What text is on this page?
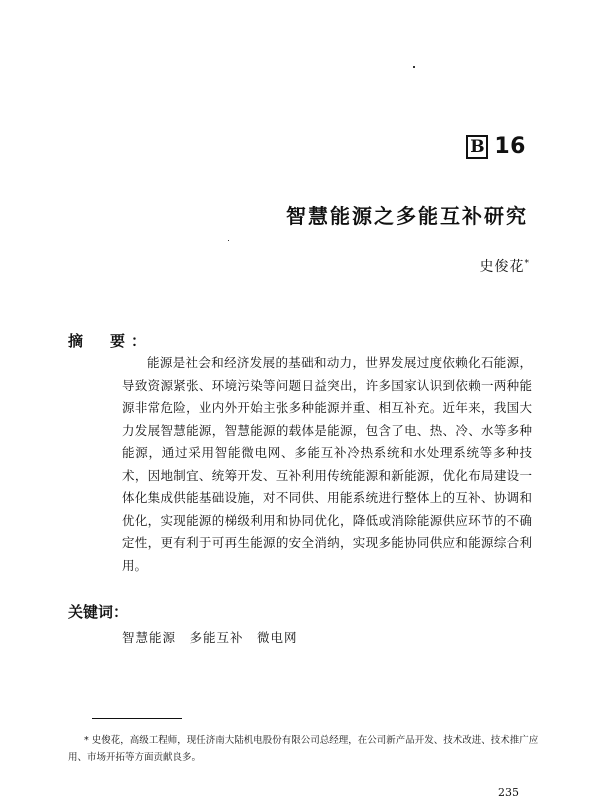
B 16
智慧能源之多能互补研究
史俊花*
摘　要：
能源是社会和经济发展的基础和动力，世界发展过度依赖化石能源，导致资源紧张、环境污染等问题日益突出，许多国家认识到依赖一两种能源非常危险，业内外开始主张多种能源并重、相互补充。近年来，我国大力发展智慧能源，智慧能源的载体是能源，包含了电、热、冷、水等多种能源，通过采用智能微电网、多能互补冷热系统和水处理系统等多种技术，因地制宜、统筹开发、互补利用传统能源和新能源，优化布局建设一体化集成供能基础设施，对不同供、用能系统进行整体上的互补、协调和优化，实现能源的梯级利用和协同优化，降低或消除能源供应环节的不确定性，更有利于可再生能源的安全消纳，实现多能协同供应和能源综合利用。
关键词：
智慧能源　多能互补　微电网
* 史俊花，高级工程师，现任济南大陆机电股份有限公司总经理，在公司新产品开发、技术改进、技术推广应用、市场开拓等方面贡献良多。
235
